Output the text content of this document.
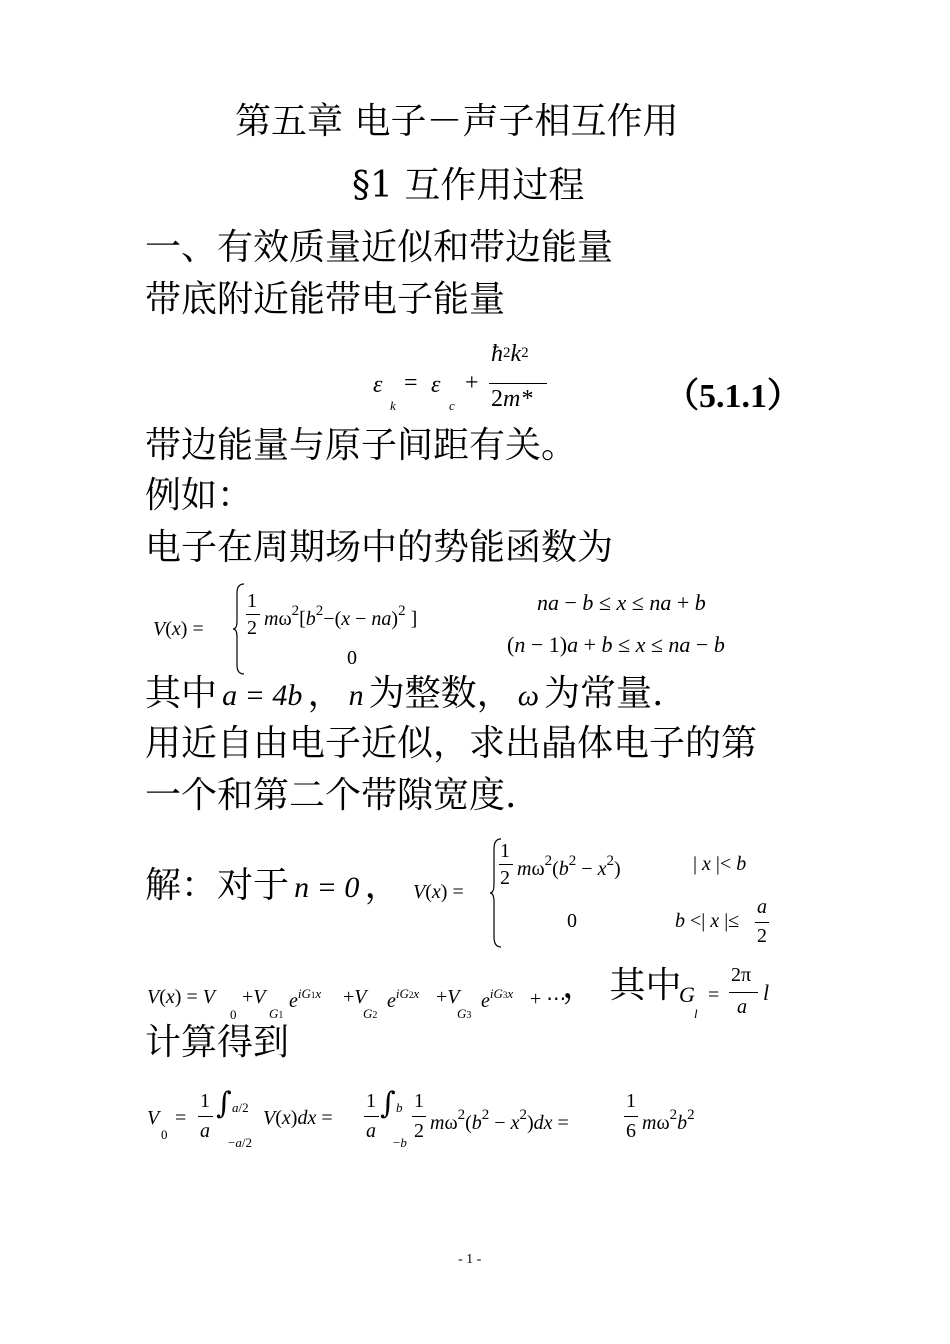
第五章 电子－声子相互作用
§1 互作用过程
一、有效质量近似和带边能量
带底附近能带电子能量
ε
k
= ε
c
+
ħ2k2
2m*	（5.1.1）
带边能量与原子间距有关。
例如：
电子在周期场中的势能函数为
V(x) =
1
2 $m\omega^2[b^2-(x - na)^2$ ]
0
na − b ≤ x ≤ na + b
(n − 1)a + b ≤ x ≤ na − b
其中 a = 4b ， n 为整数， ω 为常量.
用近自由电子近似，求出晶体电子的第
一个和第二个带隙宽度.
解：对于 n = 0 ， V(x) =
1
2 $m\omega^2(b^2 - x^2)$	| x |< b
0	b <| x |≤
a
2
V(x) = V
0
+V
G1
$e^{iG1x} +V$
G2
$e^{iG2x} +V$
G3
$e^{iG3x}$ + ⋯
， 其中
G
l
=
2π
a
l
计算得到
V
0
=
1
a
∫ a/2
−a/2
V(x)dx =
1
a
∫ b
−b
1
2 $m\omega^2(b^2 - x^2)dx$ =
1
6 $m\omega^2b^2$
- 1 -
